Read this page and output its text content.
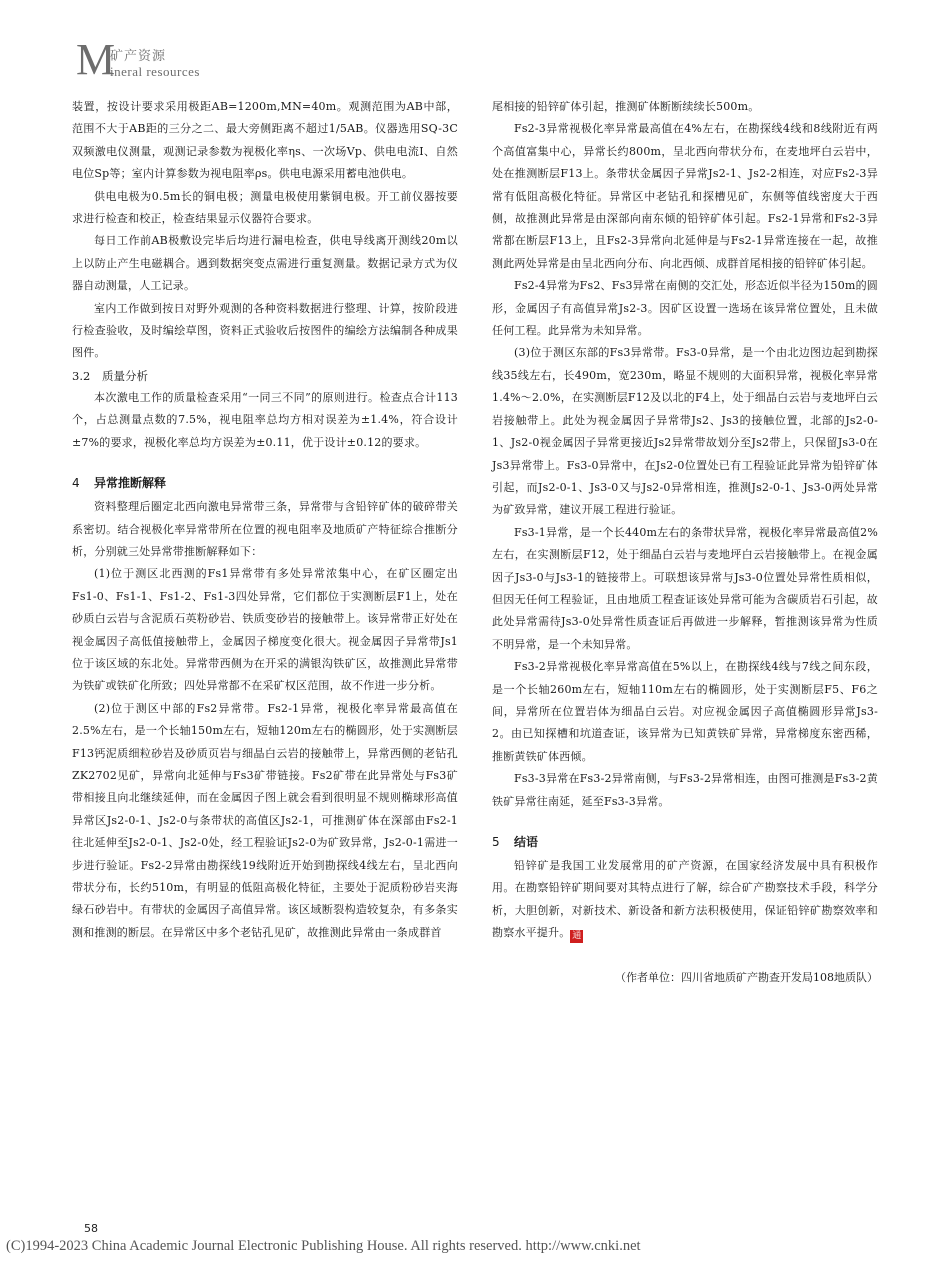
M
矿产资源
ineral resources

装置，按设计要求采用极距AB=1200m,MN=40m。观测范围为AB中部，范围不大于AB距的三分之二、最大旁侧距离不超过1/5AB。仪器选用SQ-3C双频激电仪测量，观测记录参数为视极化率ηs、一次场Vp、供电电流I、自然电位Sp等；室内计算参数为视电阻率ρs。供电电源采用蓄电池供电。

供电电极为0.5m长的铜电极；测量电极使用紫铜电极。开工前仪器按要求进行检查和校正，检查结果显示仪器符合要求。

每日工作前AB极敷设完毕后均进行漏电检查，供电导线离开测线20m以上以防止产生电磁耦合。遇到数据突变点需进行重复测量。数据记录方式为仪器自动测量，人工记录。

室内工作做到按日对野外观测的各种资料数据进行整理、计算，按阶段进行检查验收，及时编绘草图，资料正式验收后按图件的编绘方法编制各种成果图件。

3.2 质量分析

本次激电工作的质量检查采用“一同三不同”的原则进行。检查点合计113个，占总测量点数的7.5%，视电阻率总均方相对误差为±1.4%，符合设计±7%的要求，视极化率总均方误差为±0.11，优于设计±0.12的要求。

4 异常推断解释

资料整理后圈定北西向激电异常带三条，异常带与含铅锌矿体的破碎带关系密切。结合视极化率异常带所在位置的视电阻率及地质矿产特征综合推断分析，分别就三处异常带推断解释如下：

(1)位于测区北西测的Fs1异常带有多处异常浓集中心，在矿区圈定出Fs1-0、Fs1-1、Fs1-2、Fs1-3四处异常，它们都位于实测断层F1上，处在砂质白云岩与含泥质石英粉砂岩、铁质变砂岩的接触带上。该异常带正好处在视金属因子高低值接触带上，金属因子梯度变化很大。视金属因子异常带Js1位于该区域的东北处。异常带西侧为在开采的满银沟铁矿区，故推测此异常带为铁矿或铁矿化所致；四处异常都不在采矿权区范围，故不作进一步分析。

(2)位于测区中部的Fs2异常带。Fs2-1异常，视极化率异常最高值在2.5%左右，是一个长轴150m左右，短轴120m左右的椭圆形，处于实测断层F13钙泥质细粒砂岩及砂质页岩与细晶白云岩的接触带上，异常西侧的老钻孔ZK2702见矿，异常向北延伸与Fs3矿带链接。Fs2矿带在此异常处与Fs3矿带相接且向北继续延伸，而在金属因子图上就会看到很明显不规则椭球形高值异常区Js2-0-1、Js2-0与条带状的高值区Js2-1，可推测矿体在深部由Fs2-1往北延伸至Js2-0-1、Js2-0处，经工程验证Js2-0为矿致异常，Js2-0-1需进一步进行验证。Fs2-2异常由勘探线19线附近开始到勘探线4线左右，呈北西向带状分布，长约510m，有明显的低阻高极化特征，主要处于泥质粉砂岩夹海绿石砂岩中。有带状的金属因子高值异常。该区域断裂构造较复杂，有多条实测和推测的断层。在异常区中多个老钻孔见矿，故推测此异常由一条成群首

尾相接的铅锌矿体引起，推测矿体断断续续长500m。

Fs2-3异常视极化率异常最高值在4%左右，在勘探线4线和8线附近有两个高值富集中心，异常长约800m，呈北西向带状分布，在麦地坪白云岩中，处在推测断层F13上。条带状金属因子异常Js2-1、Js2-2相连，对应Fs2-3异常有低阻高极化特征。异常区中老钻孔和探槽见矿，东侧等值线密度大于西侧，故推测此异常是由深部向南东倾的铅锌矿体引起。Fs2-1异常和Fs2-3异常都在断层F13上，且Fs2-3异常向北延伸是与Fs2-1异常连接在一起，故推测此两处异常是由呈北西向分布、向北西倾、成群首尾相接的铅锌矿体引起。

Fs2-4异常为Fs2、Fs3异常在南侧的交汇处，形态近似半径为150m的圆形，金属因子有高值异常Js2-3。因矿区设置一选场在该异常位置处，且未做任何工程。此异常为未知异常。

(3)位于测区东部的Fs3异常带。Fs3-0异常，是一个由北边图边起到勘探线35线左右，长490m，宽230m，略显不规则的大面积异常，视极化率异常1.4%～2.0%，在实测断层F12及以北的F4上，处于细晶白云岩与麦地坪白云岩接触带上。此处为视金属因子异常带Js2、Js3的接触位置，北部的Js2-0-1、Js2-0视金属因子异常更接近Js2异常带故划分至Js2带上，只保留Js3-0在Js3异常带上。Fs3-0异常中，在Js2-0位置处已有工程验证此异常为铅锌矿体引起，而Js2-0-1、Js3-0又与Js2-0异常相连，推测Js2-0-1、Js3-0两处异常为矿致异常，建议开展工程进行验证。

Fs3-1异常，是一个长440m左右的条带状异常，视极化率异常最高值2%左右，在实测断层F12，处于细晶白云岩与麦地坪白云岩接触带上。在视金属因子Js3-0与Js3-1的链接带上。可联想该异常与Js3-0位置处异常性质相似，但因无任何工程验证，且由地质工程查证该处异常可能为含碳质岩石引起，故此处异常需待Js3-0处异常性质查证后再做进一步解释，暂推测该异常为性质不明异常，是一个未知异常。

Fs3-2异常视极化率异常高值在5%以上，在勘探线4线与7线之间东段，是一个长轴260m左右，短轴110m左右的椭圆形，处于实测断层F5、F6之间，异常所在位置岩体为细晶白云岩。对应视金属因子高值椭圆形异常Js3-2。由已知探槽和坑道查证，该异常为已知黄铁矿异常，异常梯度东密西稀，推断黄铁矿体西倾。

Fs3-3异常在Fs3-2异常南侧，与Fs3-2异常相连，由图可推测是Fs3-2黄铁矿异常往南延，延至Fs3-3异常。

5 结语

铅锌矿是我国工业发展常用的矿产资源，在国家经济发展中具有积极作用。在勘察铅锌矿期间要对其特点进行了解，综合矿产勘察技术手段，科学分析，大胆创新，对新技术、新设备和新方法积极使用，保证铅锌矿勘察效率和勘察水平提升。 通

（作者单位：四川省地质矿产勘查开发局108地质队）
58
(C)1994-2023 China Academic Journal Electronic Publishing House. All rights reserved. http://www.cnki.net
